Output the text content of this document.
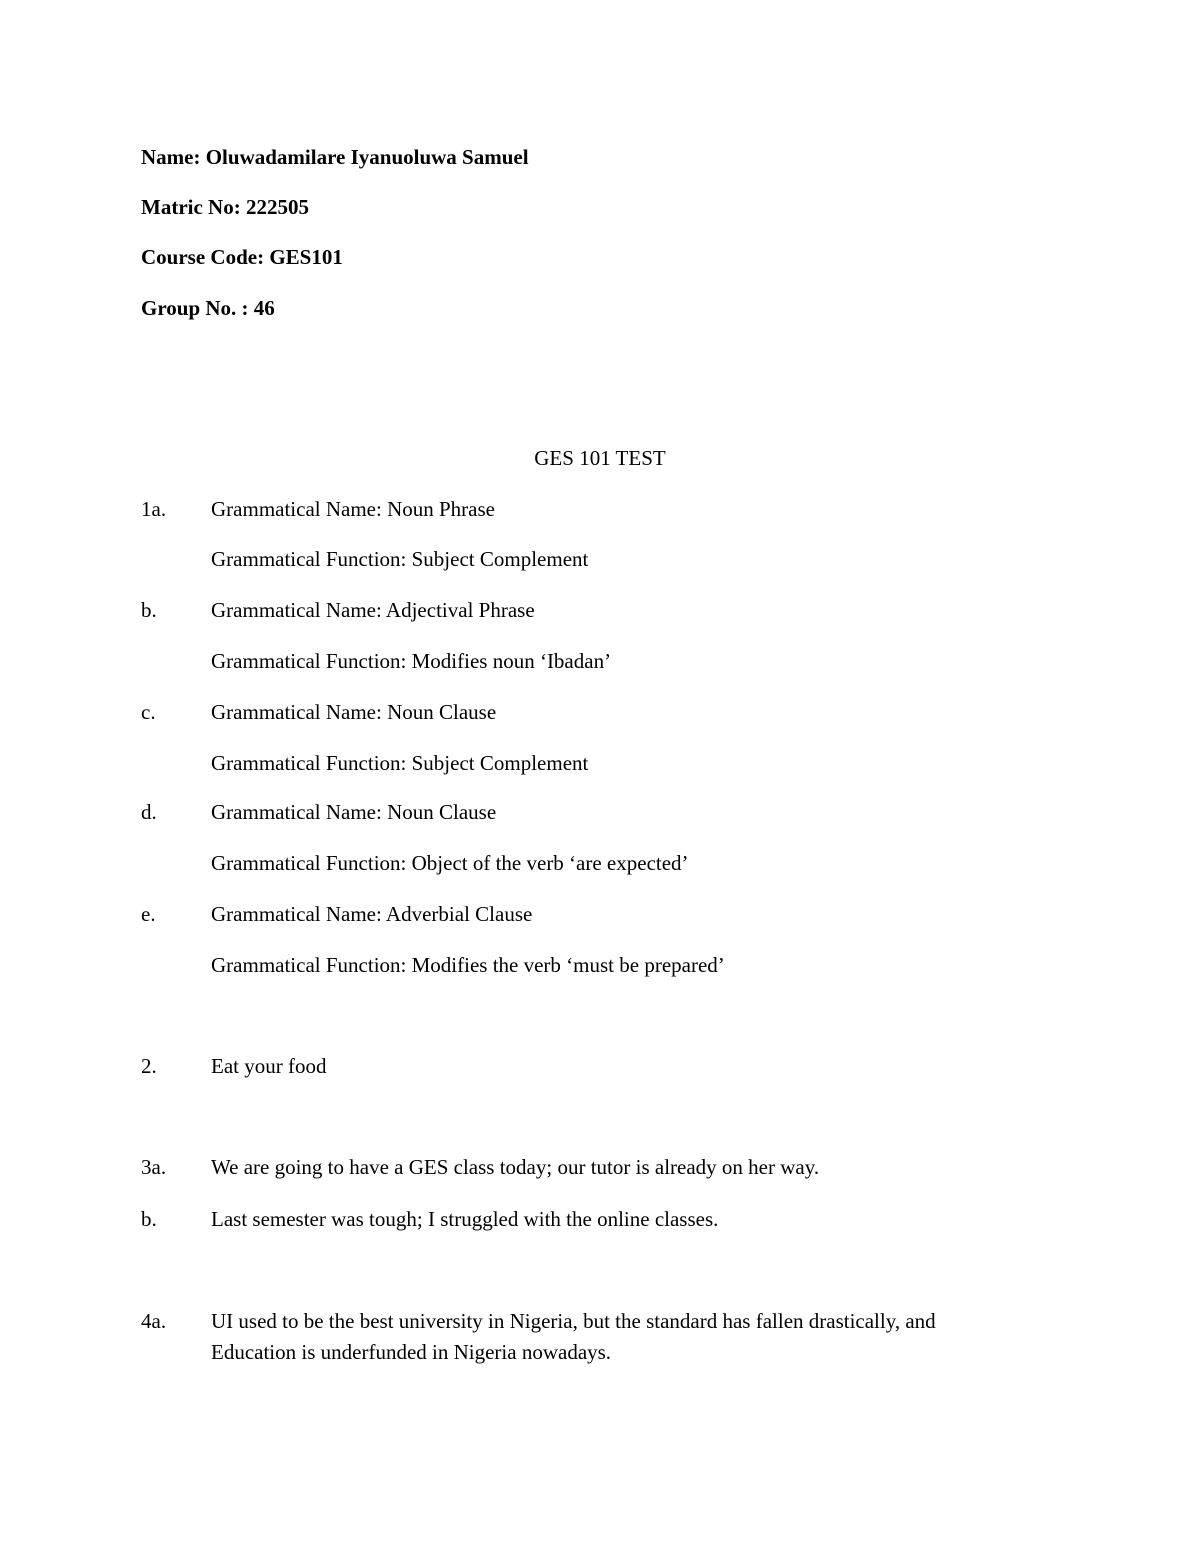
Name: Oluwadamilare Iyanuoluwa Samuel
Matric No: 222505
Course Code: GES101
Group No. : 46
GES 101 TEST
1a. Grammatical Name: Noun Phrase
Grammatical Function: Subject Complement
b.	Grammatical Name: Adjectival Phrase
Grammatical Function: Modifies noun ‘Ibadan’
c.	Grammatical Name: Noun Clause
Grammatical Function: Subject Complement
d.	Grammatical Name: Noun Clause
Grammatical Function: Object of the verb ‘are expected’
e.	Grammatical Name: Adverbial Clause
Grammatical Function: Modifies the verb ‘must be prepared’
2.	Eat your food
3a. We are going to have a GES class today; our tutor is already on her way.
b.	Last semester was tough; I struggled with the online classes.
4a. UI used to be the best university in Nigeria, but the standard has fallen drastically, and
Education is underfunded in Nigeria nowadays.
